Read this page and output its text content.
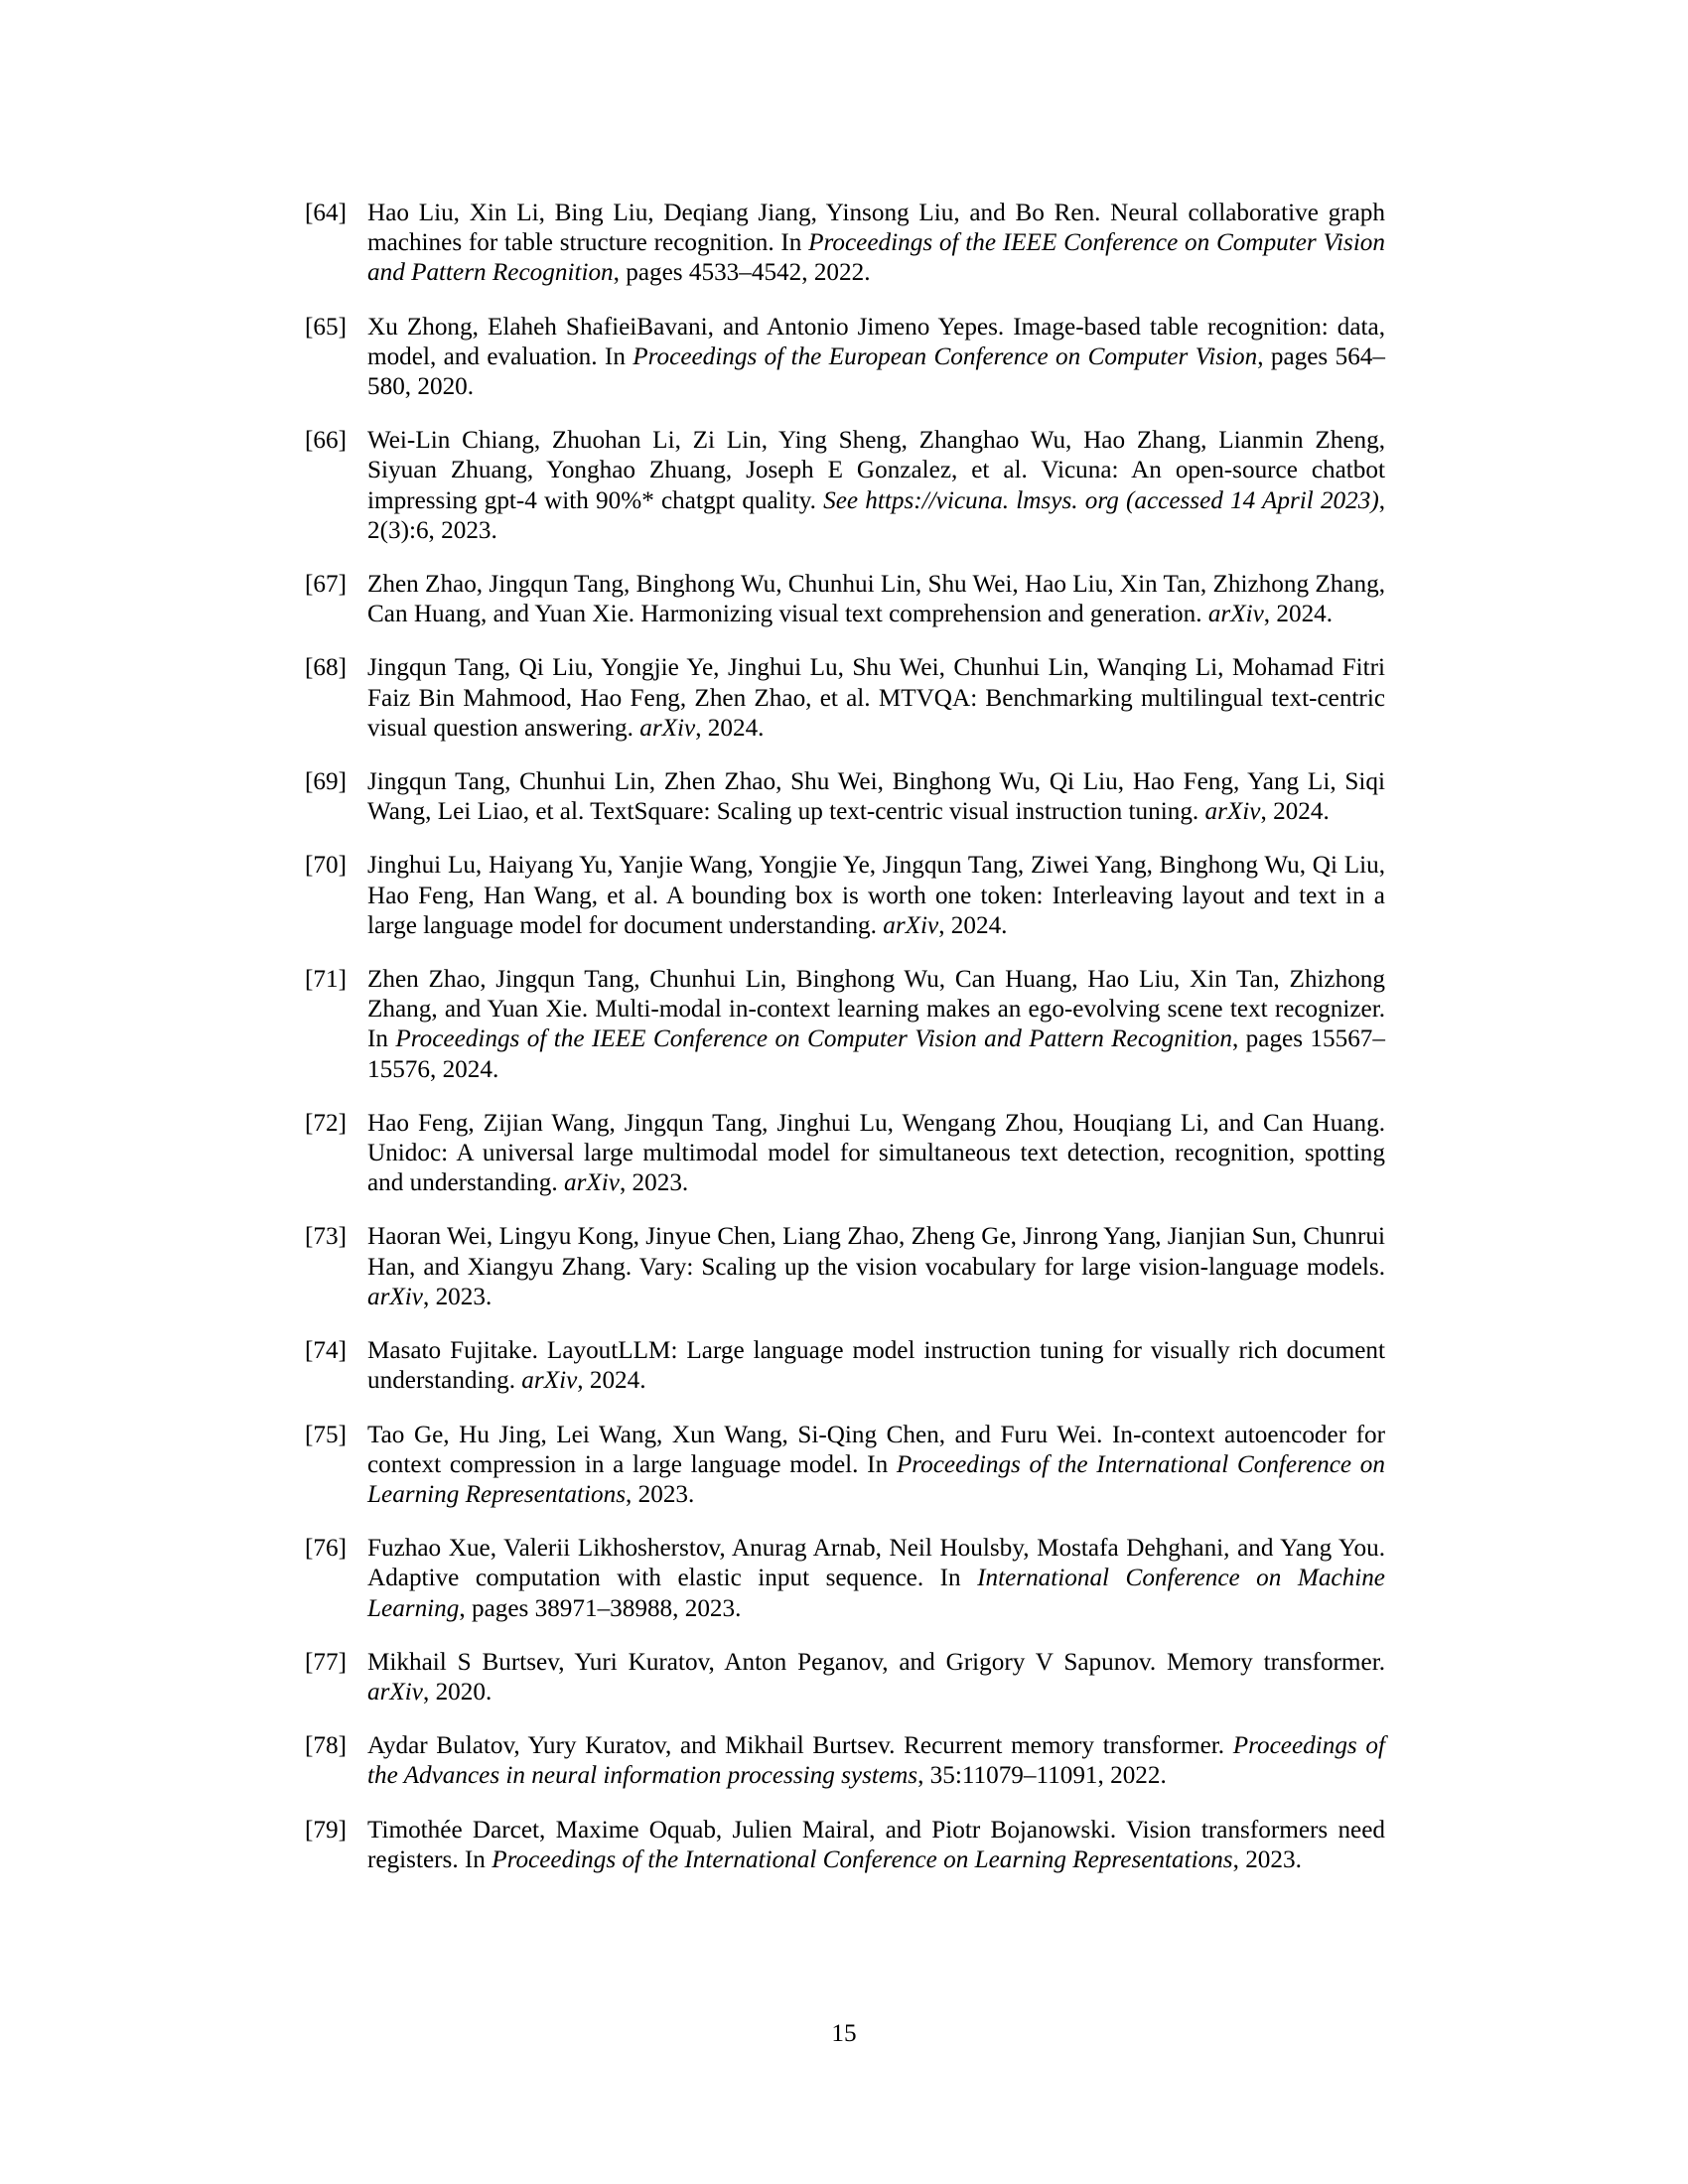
[64] Hao Liu, Xin Li, Bing Liu, Deqiang Jiang, Yinsong Liu, and Bo Ren. Neural collaborative graph machines for table structure recognition. In Proceedings of the IEEE Conference on Computer Vision and Pattern Recognition, pages 4533–4542, 2022.
[65] Xu Zhong, Elaheh ShafieiBavani, and Antonio Jimeno Yepes. Image-based table recognition: data, model, and evaluation. In Proceedings of the European Conference on Computer Vision, pages 564–580, 2020.
[66] Wei-Lin Chiang, Zhuohan Li, Zi Lin, Ying Sheng, Zhanghao Wu, Hao Zhang, Lianmin Zheng, Siyuan Zhuang, Yonghao Zhuang, Joseph E Gonzalez, et al. Vicuna: An open-source chatbot impressing gpt-4 with 90%* chatgpt quality. See https://vicuna. lmsys. org (accessed 14 April 2023), 2(3):6, 2023.
[67] Zhen Zhao, Jingqun Tang, Binghong Wu, Chunhui Lin, Shu Wei, Hao Liu, Xin Tan, Zhizhong Zhang, Can Huang, and Yuan Xie. Harmonizing visual text comprehension and generation. arXiv, 2024.
[68] Jingqun Tang, Qi Liu, Yongjie Ye, Jinghui Lu, Shu Wei, Chunhui Lin, Wanqing Li, Mohamad Fitri Faiz Bin Mahmood, Hao Feng, Zhen Zhao, et al. MTVQA: Benchmarking multilingual text-centric visual question answering. arXiv, 2024.
[69] Jingqun Tang, Chunhui Lin, Zhen Zhao, Shu Wei, Binghong Wu, Qi Liu, Hao Feng, Yang Li, Siqi Wang, Lei Liao, et al. TextSquare: Scaling up text-centric visual instruction tuning. arXiv, 2024.
[70] Jinghui Lu, Haiyang Yu, Yanjie Wang, Yongjie Ye, Jingqun Tang, Ziwei Yang, Binghong Wu, Qi Liu, Hao Feng, Han Wang, et al. A bounding box is worth one token: Interleaving layout and text in a large language model for document understanding. arXiv, 2024.
[71] Zhen Zhao, Jingqun Tang, Chunhui Lin, Binghong Wu, Can Huang, Hao Liu, Xin Tan, Zhizhong Zhang, and Yuan Xie. Multi-modal in-context learning makes an ego-evolving scene text recognizer. In Proceedings of the IEEE Conference on Computer Vision and Pattern Recognition, pages 15567–15576, 2024.
[72] Hao Feng, Zijian Wang, Jingqun Tang, Jinghui Lu, Wengang Zhou, Houqiang Li, and Can Huang. Unidoc: A universal large multimodal model for simultaneous text detection, recognition, spotting and understanding. arXiv, 2023.
[73] Haoran Wei, Lingyu Kong, Jinyue Chen, Liang Zhao, Zheng Ge, Jinrong Yang, Jianjian Sun, Chunrui Han, and Xiangyu Zhang. Vary: Scaling up the vision vocabulary for large vision-language models. arXiv, 2023.
[74] Masato Fujitake. LayoutLLM: Large language model instruction tuning for visually rich document understanding. arXiv, 2024.
[75] Tao Ge, Hu Jing, Lei Wang, Xun Wang, Si-Qing Chen, and Furu Wei. In-context autoencoder for context compression in a large language model. In Proceedings of the International Conference on Learning Representations, 2023.
[76] Fuzhao Xue, Valerii Likhosherstov, Anurag Arnab, Neil Houlsby, Mostafa Dehghani, and Yang You. Adaptive computation with elastic input sequence. In International Conference on Machine Learning, pages 38971–38988, 2023.
[77] Mikhail S Burtsev, Yuri Kuratov, Anton Peganov, and Grigory V Sapunov. Memory transformer. arXiv, 2020.
[78] Aydar Bulatov, Yury Kuratov, and Mikhail Burtsev. Recurrent memory transformer. Proceedings of the Advances in neural information processing systems, 35:11079–11091, 2022.
[79] Timothée Darcet, Maxime Oquab, Julien Mairal, and Piotr Bojanowski. Vision transformers need registers. In Proceedings of the International Conference on Learning Representations, 2023.
15
